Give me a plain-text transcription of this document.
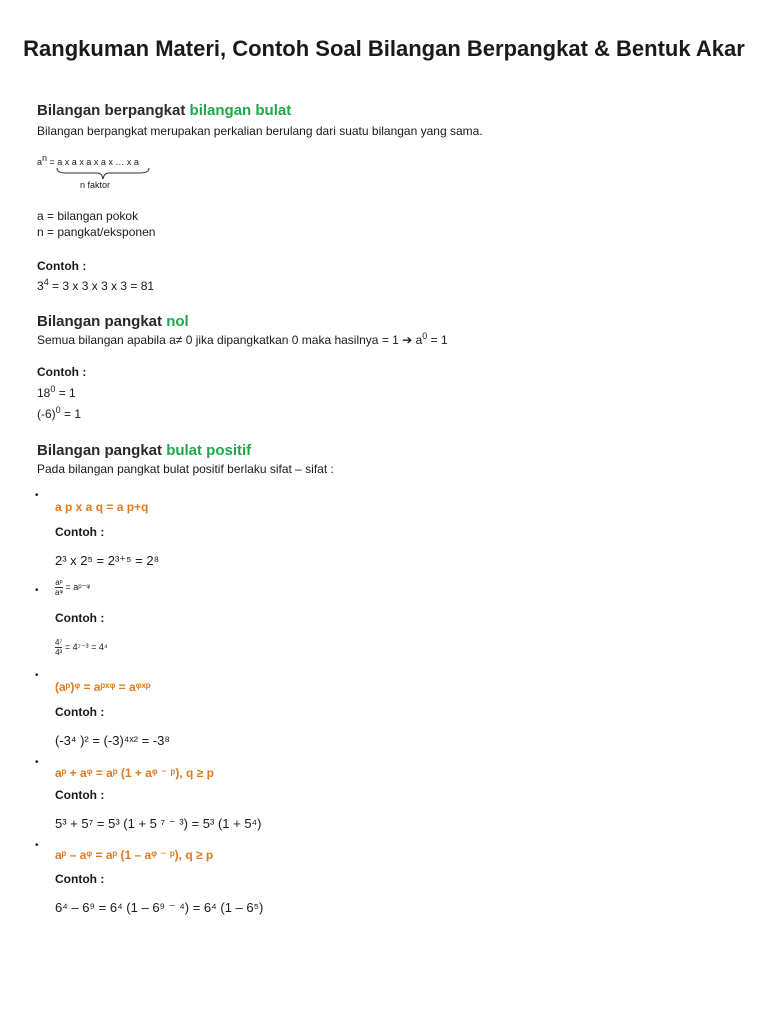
Rangkuman Materi, Contoh Soal Bilangan Berpangkat & Bentuk Akar
Bilangan berpangkat bilangan bulat
Bilangan berpangkat merupakan perkalian berulang dari suatu bilangan yang sama.
$a^n = a$ x a x a x a x … x a
n faktor
a = bilangan pokok
n = pangkat/eksponen
Contoh :
$3^4 = 3$ x 3 x 3 x 3 = 81
Bilangan pangkat nol
Semua bilangan apabila a≠ 0 jika dipangkatkan 0 maka hasilnya = 1 ➔ $a^0 = 1$
Contoh :
$18^0 = 1$
$(-6)^0 = 1$
Bilangan pangkat bulat positif
Pada bilangan pangkat bulat positif berlaku sifat – sifat :
•
a p x a q = a p+q
Contoh :
2³ x 2⁵ = 2³⁺⁵ = 2⁸
• $\frac{\text{aᵖ}}{\text{aᵠ}}$ = aᵖ⁻ᵠ
Contoh :
$\frac{\text{4⁷}}{\text{4³}} = 4^{7-3} = 4^4$
•
(aᵖ)ᵠ = aᵖˣᵠ = aᵠˣᵖ
Contoh :
(-3⁴ )² = (-3)⁴ˣ² = -3⁸
•
aᵖ + aᵠ = aᵖ (1 + aᵠ ⁻ ᵖ), q ≥ p
Contoh :
5³ + 5⁷ = 5³ (1 + 5 ⁷ ⁻ ³) = 5³ (1 + 5⁴)
•
aᵖ – aᵠ = aᵖ (1 – aᵠ ⁻ ᵖ), q ≥ p
Contoh :
6⁴ – 6⁹ = 6⁴ (1 – 6⁹ ⁻ ⁴) = 6⁴ (1 – 6⁵)
